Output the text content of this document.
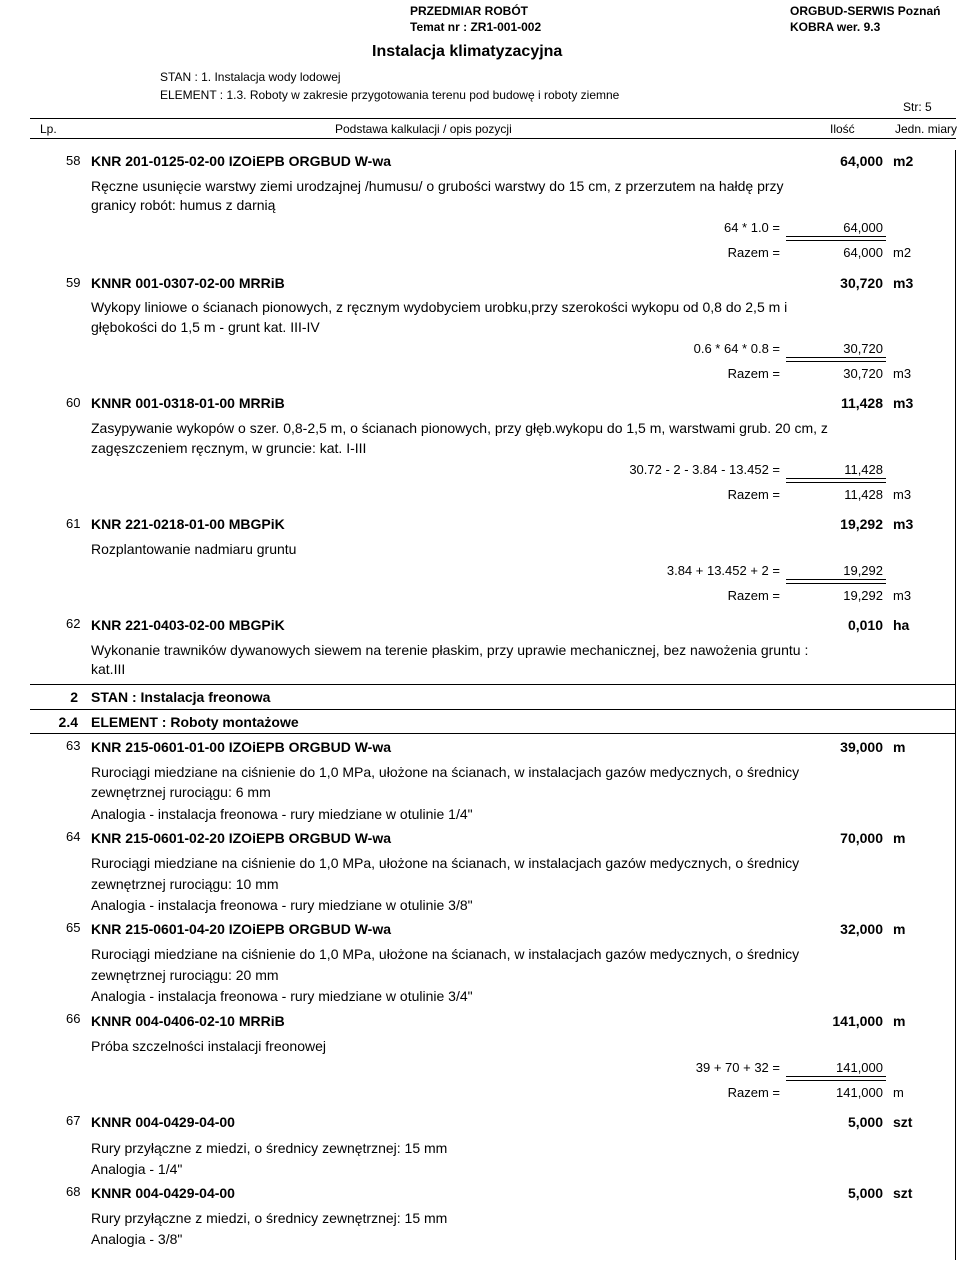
PRZEDMIAR ROBÓT
Temat nr : ZR1-001-002
ORGBUD-SERWIS Poznań
KOBRA wer. 9.3
Instalacja klimatyzacyjna
STAN : 1. Instalacja wody lodowej
ELEMENT : 1.3. Roboty w zakresie przygotowania terenu pod budowę i roboty ziemne
Str: 5
Lp.	Podstawa kalkulacji / opis pozycji	Ilość	Jedn. miary
58 KNR 201-0125-02-00 IZOiEPB ORGBUD W-wa	64,000 m2
Ręczne usunięcie warstwy ziemi urodzajnej /humusu/ o grubości warstwy do 15 cm, z przerzutem na hałdę przy
granicy robót: humus z darnią
64 * 1.0 =	64,000
Razem =	64,000 m2
59 KNNR 001-0307-02-00 MRRiB	30,720 m3
Wykopy liniowe o ścianach pionowych, z ręcznym wydobyciem urobku,przy szerokości wykopu od 0,8 do 2,5 m i
głębokości do 1,5 m - grunt kat. III-IV
0.6 * 64 * 0.8 =	30,720
Razem =	30,720 m3
60 KNNR 001-0318-01-00 MRRiB	11,428 m3
Zasypywanie wykopów o szer. 0,8-2,5 m, o ścianach pionowych, przy głęb.wykopu do 1,5 m, warstwami grub. 20 cm, z
zagęszczeniem ręcznym, w gruncie: kat. I-III
30.72 - 2 - 3.84 - 13.452 =	11,428
Razem =	11,428 m3
61 KNR 221-0218-01-00 MBGPiK	19,292 m3
Rozplantowanie nadmiaru gruntu
3.84 + 13.452 + 2 =	19,292
Razem =	19,292 m3
62 KNR 221-0403-02-00 MBGPiK	0,010 ha
Wykonanie trawników dywanowych siewem na terenie płaskim, przy uprawie mechanicznej, bez nawożenia gruntu :
kat.III
2 STAN : Instalacja freonowa
2.4 ELEMENT : Roboty montażowe
63 KNR 215-0601-01-00 IZOiEPB ORGBUD W-wa	39,000 m
Rurociągi miedziane na ciśnienie do 1,0 MPa, ułożone na ścianach, w instalacjach gazów medycznych, o średnicy
zewnętrznej rurociągu: 6 mm
Analogia - instalacja freonowa - rury miedziane w otulinie 1/4"
64 KNR 215-0601-02-20 IZOiEPB ORGBUD W-wa	70,000 m
Rurociągi miedziane na ciśnienie do 1,0 MPa, ułożone na ścianach, w instalacjach gazów medycznych, o średnicy
zewnętrznej rurociągu: 10 mm
Analogia - instalacja freonowa - rury miedziane w otulinie 3/8"
65 KNR 215-0601-04-20 IZOiEPB ORGBUD W-wa	32,000 m
Rurociągi miedziane na ciśnienie do 1,0 MPa, ułożone na ścianach, w instalacjach gazów medycznych, o średnicy
zewnętrznej rurociągu: 20 mm
Analogia - instalacja freonowa - rury miedziane w otulinie 3/4"
66 KNNR 004-0406-02-10 MRRiB	141,000 m
Próba szczelności instalacji freonowej
39 + 70 + 32 =	141,000
Razem =	141,000 m
67 KNNR 004-0429-04-00	5,000 szt
Rury przyłączne z miedzi, o średnicy zewnętrznej: 15 mm
Analogia - 1/4"
68 KNNR 004-0429-04-00	5,000 szt
Rury przyłączne z miedzi, o średnicy zewnętrznej: 15 mm
Analogia - 3/8"
